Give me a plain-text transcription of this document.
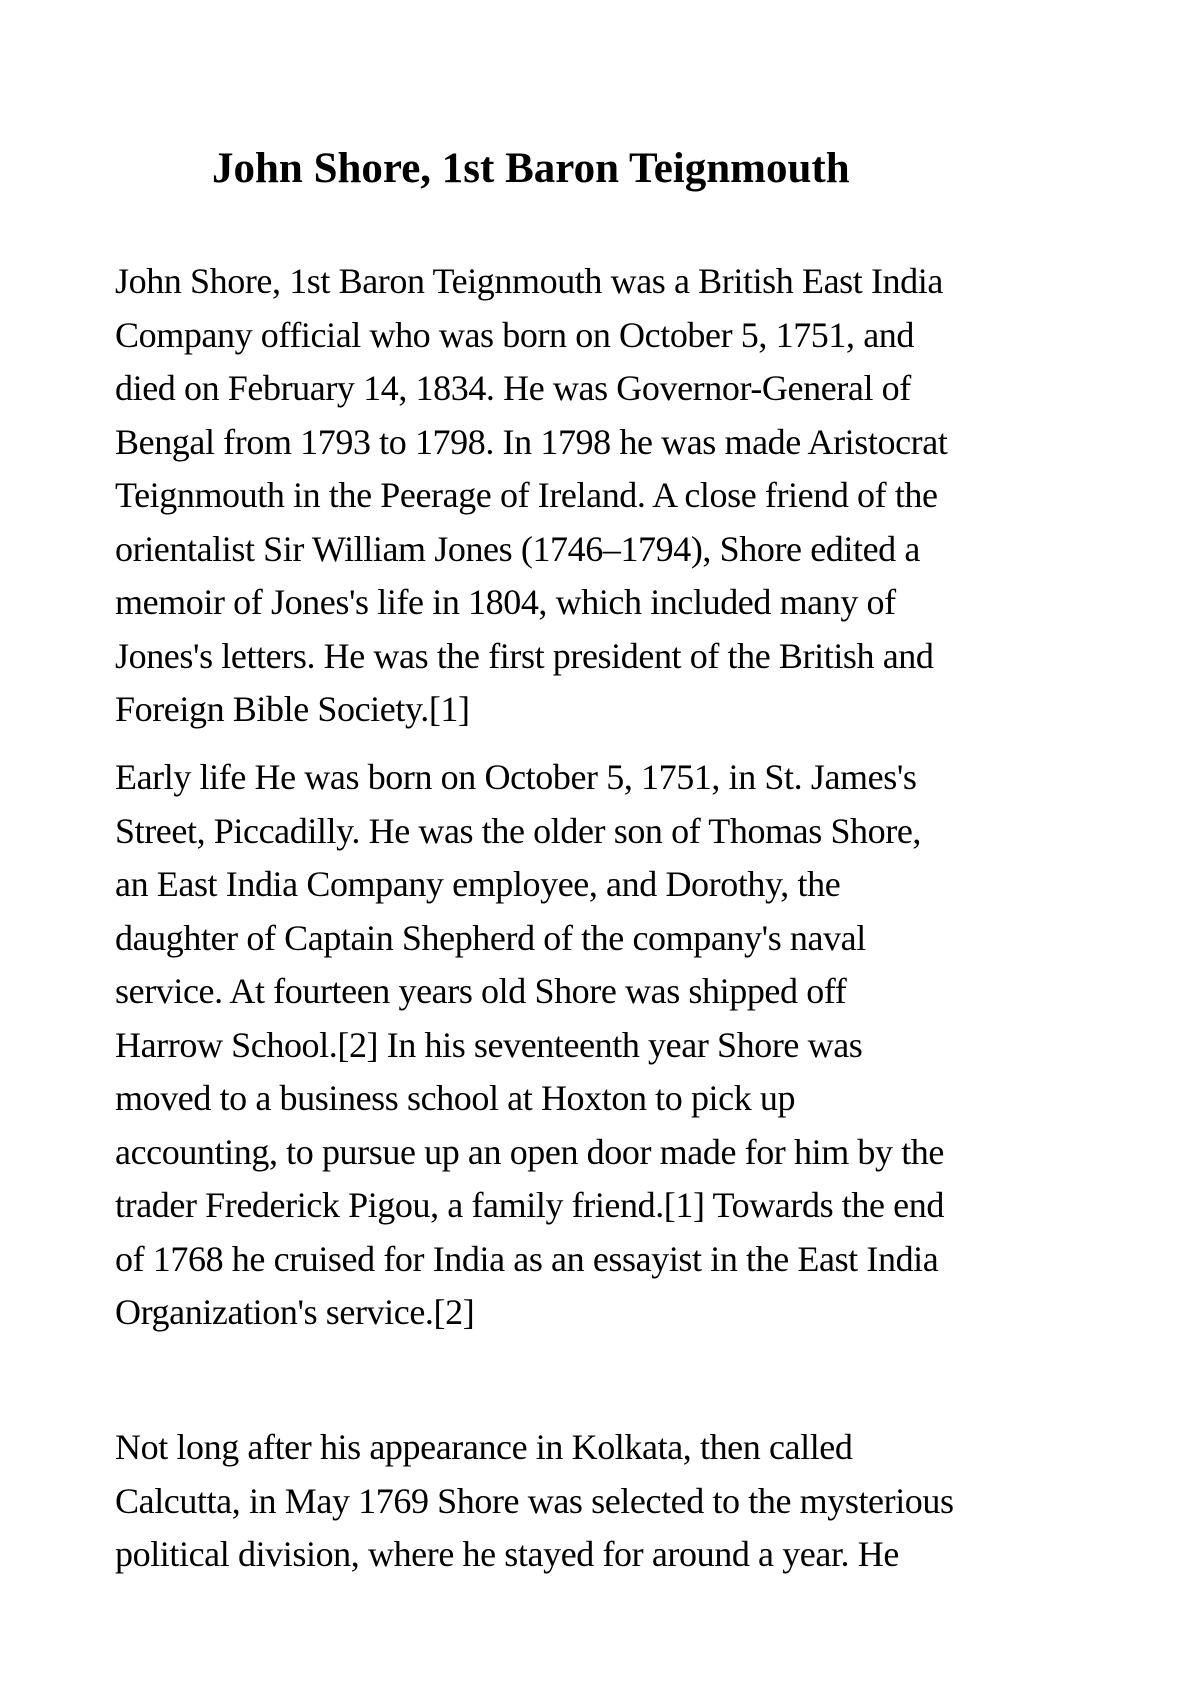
John Shore, 1st Baron Teignmouth

John Shore, 1st Baron Teignmouth was a British East India
Company official who was born on October 5, 1751, and
died on February 14, 1834. He was Governor-General of
Bengal from 1793 to 1798. In 1798 he was made Aristocrat
Teignmouth in the Peerage of Ireland. A close friend of the
orientalist Sir William Jones (1746–1794), Shore edited a
memoir of Jones's life in 1804, which included many of
Jones's letters. He was the first president of the British and
Foreign Bible Society.[1]

Early life He was born on October 5, 1751, in St. James's
Street, Piccadilly. He was the older son of Thomas Shore,
an East India Company employee, and Dorothy, the
daughter of Captain Shepherd of the company's naval
service. At fourteen years old Shore was shipped off
Harrow School.[2] In his seventeenth year Shore was
moved to a business school at Hoxton to pick up
accounting, to pursue up an open door made for him by the
trader Frederick Pigou, a family friend.[1] Towards the end
of 1768 he cruised for India as an essayist in the East India
Organization's service.[2]

Not long after his appearance in Kolkata, then called
Calcutta, in May 1769 Shore was selected to the mysterious
political division, where he stayed for around a year. He
